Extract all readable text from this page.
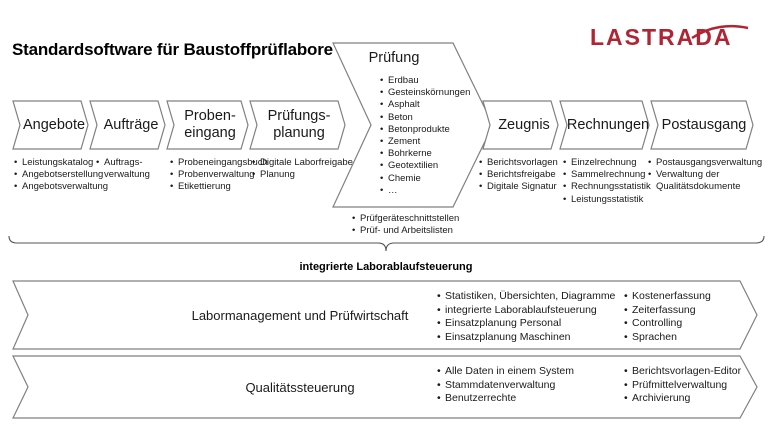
Standardsoftware für Baustoffprüflabore	LASTRADA
Angebote	Aufträge
Proben-
eingang
Prüfungs-
planung
Prüfung
Zeugnis	Rechnungen Postausgang
• Leistungskatalog
• Angebotserstellung
• Angebotsverwaltung
• Auftrags-
verwaltung
• Probeneingangsbuch
• Probenverwaltung
• Etikettierung
• Digitale Laborfreigabe
• Planung
• Erdbau
• Gesteinskörnungen
• Asphalt
• Beton
• Betonprodukte
• Zement
• Bohrkerne
• Geotextilien
• Chemie
• …
• Prüfgeräteschnittstellen
• Prüf- und Arbeitslisten
• Berichtsvorlagen
• Berichtsfreigabe
• Digitale Signatur
• Einzelrechnung
• Sammelrechnung
• Rechnungsstatistik
• Leistungsstatistik
• Postausgangsverwaltung
• Verwaltung der
Qualitätsdokumente
integrierte Laborablaufsteuerung
Labormanagement und Prüfwirtschaft
• Statistiken, Übersichten, Diagramme
• integrierte Laborablaufsteuerung
• Einsatzplanung Personal
• Einsatzplanung Maschinen
• Kostenerfassung
• Zeiterfassung
• Controlling
• Sprachen
Qualitätssteuerung
• Alle Daten in einem System
• Stammdatenverwaltung
• Benutzerrechte
• Berichtsvorlagen-Editor
• Prüfmittelverwaltung
• Archivierung
